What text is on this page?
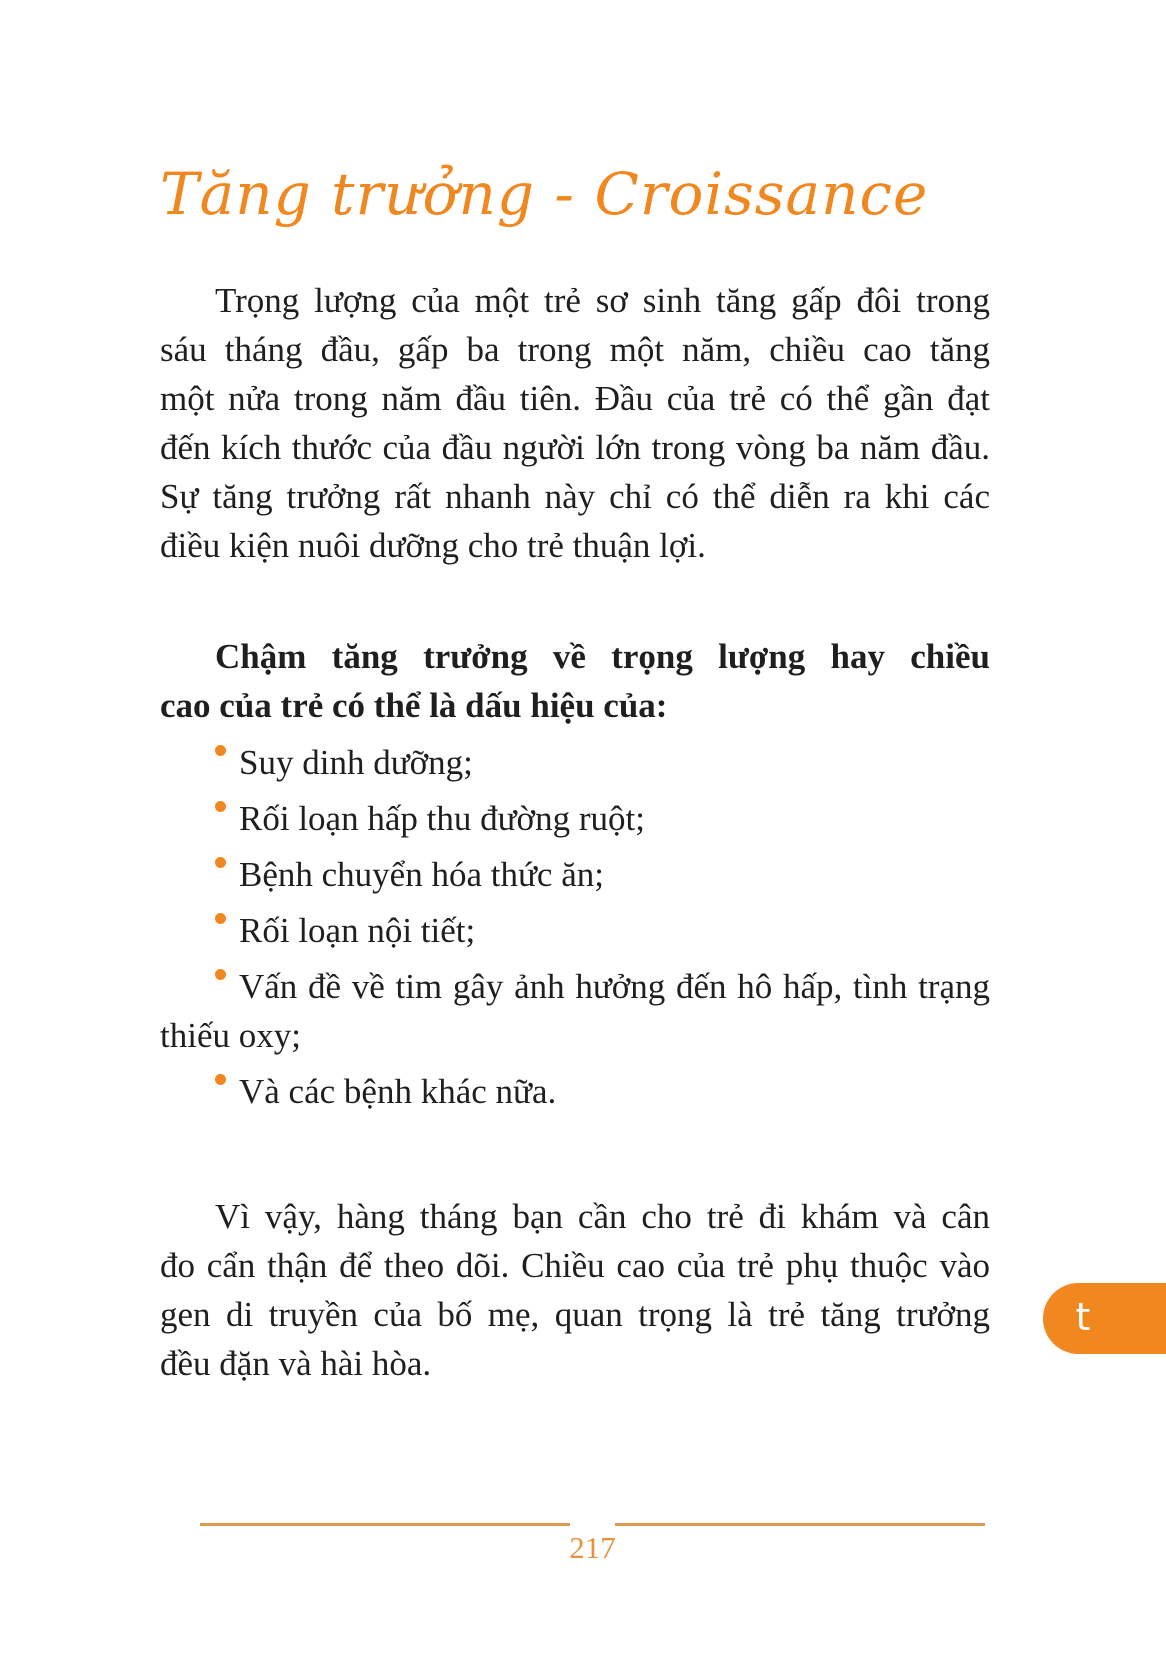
Tăng trưởng - Croissance
Trọng lượng của một trẻ sơ sinh tăng gấp đôi trong
sáu tháng đầu, gấp ba trong một năm, chiều cao tăng
một nửa trong năm đầu tiên. Đầu của trẻ có thể gần đạt
đến kích thước của đầu người lớn trong vòng ba năm đầu.
Sự tăng trưởng rất nhanh này chỉ có thể diễn ra khi các
điều kiện nuôi dưỡng cho trẻ thuận lợi.
Chậm tăng trưởng về trọng lượng hay chiều
cao của trẻ có thể là dấu hiệu của:
Suy dinh dưỡng;
Rối loạn hấp thu đường ruột;
Bệnh chuyển hóa thức ăn;
Rối loạn nội tiết;
Vấn đề về tim gây ảnh hưởng đến hô hấp, tình trạng
thiếu oxy;
Và các bệnh khác nữa.
Vì vậy, hàng tháng bạn cần cho trẻ đi khám và cân
đo cẩn thận để theo dõi. Chiều cao của trẻ phụ thuộc vào
gen di truyền của bố mẹ, quan trọng là trẻ tăng trưởng
đều đặn và hài hòa.
217
t
